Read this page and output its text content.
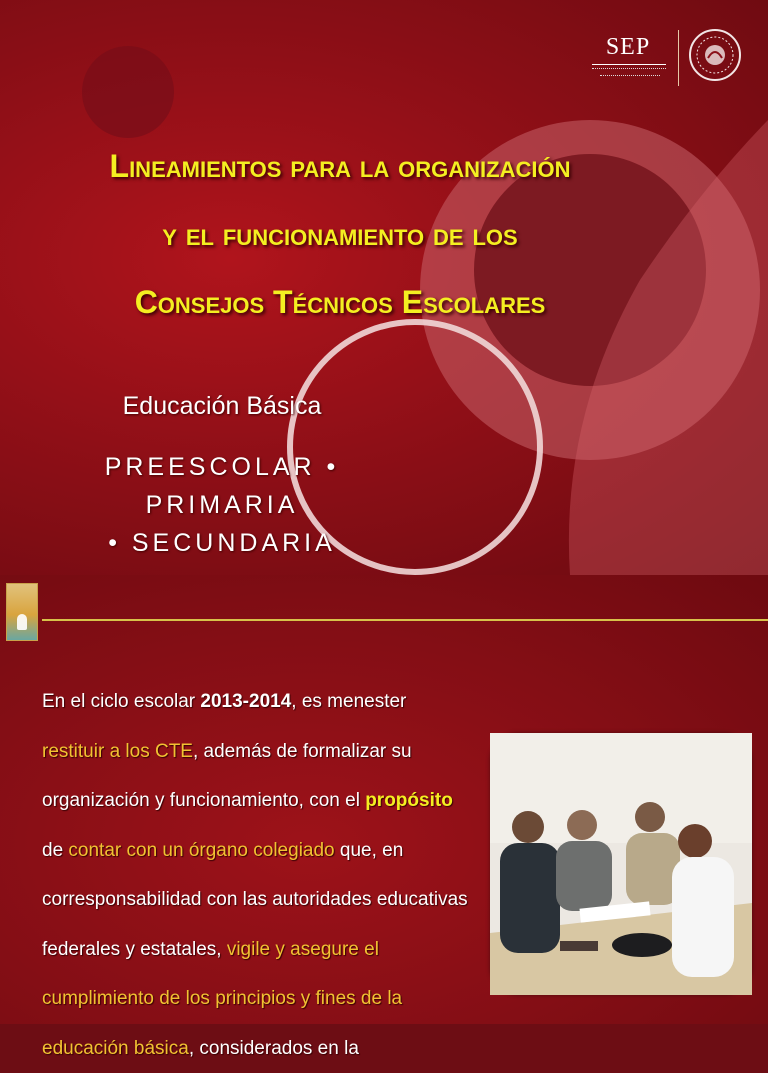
SEP
Lineamientos para la organización
y el funcionamiento de los
Consejos Técnicos Escolares
Educación Básica
PREESCOLAR • PRIMARIA
• SECUNDARIA
En el ciclo escolar 2013-2014, es menester restituir a los CTE, además de formalizar su organización y funcionamiento, con el propósito de contar con un órgano colegiado que, en corresponsabilidad con las autoridades educativas federales y estatales, vigile y asegure el cumplimiento de los principios y fines de la educación básica, considerados en la
